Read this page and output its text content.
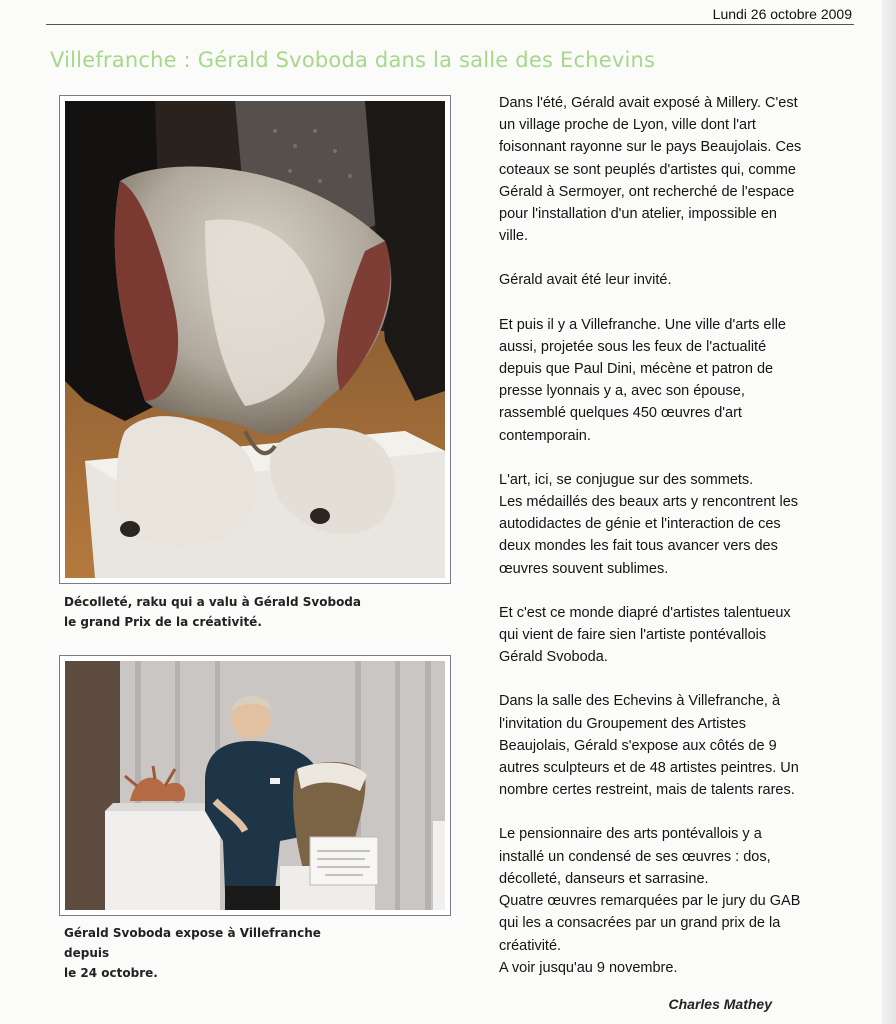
Lundi 26 octobre 2009
Villefranche : Gérald Svoboda dans la salle des Echevins
Décolleté, raku qui a valu à Gérald Svoboda
le grand Prix de la créativité.
Gérald Svoboda expose à Villefranche depuis
le 24 octobre.

Dans l'été, Gérald avait exposé à Millery. C'est
un village proche de Lyon, ville dont l'art
foisonnant rayonne sur le pays Beaujolais. Ces
coteaux se sont peuplés d'artistes qui, comme
Gérald à Sermoyer, ont recherché de l'espace
pour l'installation d'un atelier, impossible en
ville.

Gérald avait été leur invité.

Et puis il y a Villefranche. Une ville d'arts elle
aussi, projetée sous les feux de l'actualité
depuis que Paul Dini, mécène et patron de
presse lyonnais y a, avec son épouse,
rassemblé quelques 450 œuvres d'art
contemporain.

L'art, ici, se conjugue sur des sommets.
Les médaillés des beaux arts y rencontrent les
autodidactes de génie et l'interaction de ces
deux mondes les fait tous avancer vers des
œuvres souvent sublimes.

Et c'est ce monde diapré d'artistes talentueux
qui vient de faire sien l'artiste pontévallois
Gérald Svoboda.

Dans la salle des Echevins à Villefranche, à
l'invitation du Groupement des Artistes
Beaujolais, Gérald s'expose aux côtés de 9
autres sculpteurs et de 48 artistes peintres. Un
nombre certes restreint, mais de talents rares.

Le pensionnaire des arts pontévallois y a
installé un condensé de ses œuvres : dos,
décolleté, danseurs et sarrasine.
Quatre œuvres remarquées par le jury du GAB
qui les a consacrées par un grand prix de la
créativité.
A voir jusqu'au 9 novembre.

Charles Mathey
